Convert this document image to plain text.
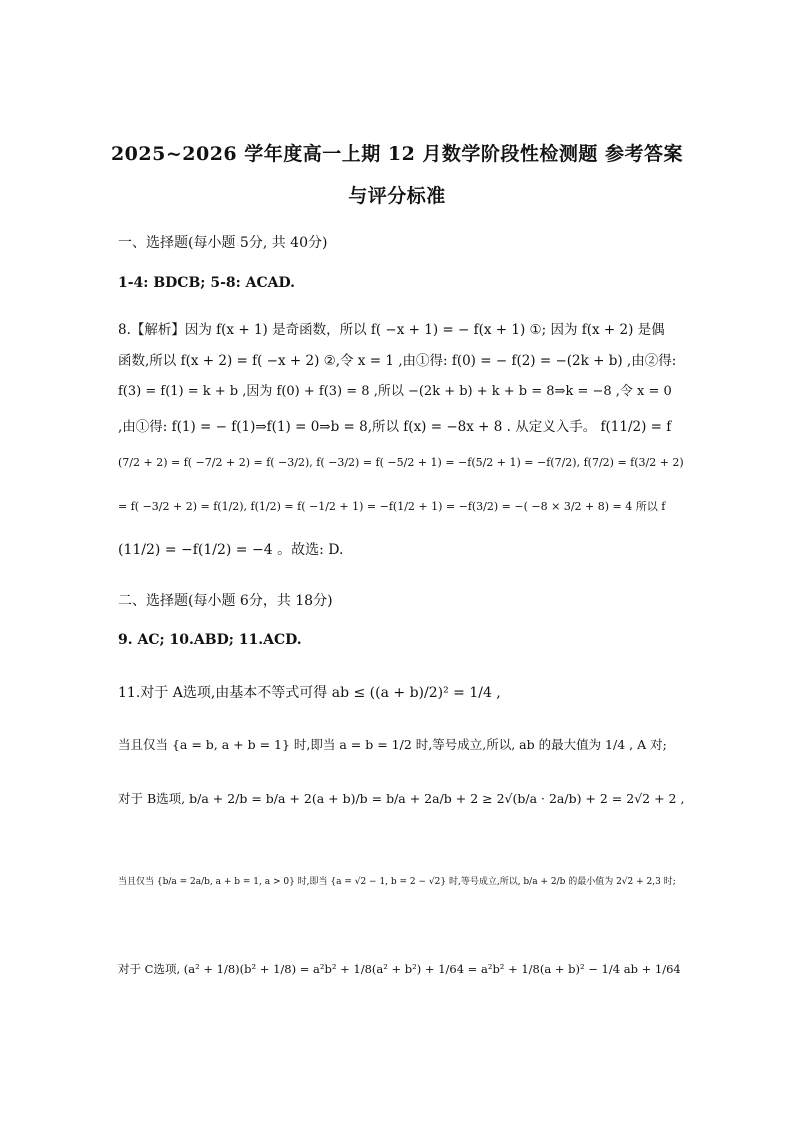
2025~2026 学年度高一上期 12 月数学阶段性检测题 参考答案
与评分标准
一、选择题(每小题 5分, 共 40分)
1-4: BDCB; 5-8: ACAD.
8.【解析】因为 f(x + 1) 是奇函数，所以 f( −x + 1) = − f(x + 1) ①; 因为 f(x + 2) 是偶
函数,所以 f(x + 2) = f( −x + 2) ②,令 x = 1 ,由①得: f(0) = − f(2) = −(2k + b) ,由②得:
f(3) = f(1) = k + b ,因为 f(0) + f(3) = 8 ,所以 −(2k + b) + k + b = 8⇒k = −8 ,令 x = 0
,由①得: f(1) = − f(1)⇒f(1) = 0⇒b = 8,所以 f(x) = −8x + 8 . 从定义入手。 f(11/2) = f
(7/2 + 2) = f( −7/2 + 2) = f( −3/2), f( −3/2) = f( −5/2 + 1) = −f(5/2 + 1) = −f(7/2), f(7/2) = f(3/2 + 2)
= f( −3/2 + 2) = f(1/2), f(1/2) = f( −1/2 + 1) = −f(1/2 + 1) = −f(3/2) = −( −8 × 3/2 + 8) = 4 所以 f
(11/2) = −f(1/2) = −4 。故选: D.
二、选择题(每小题 6分，共 18分)
9. AC; 10.ABD; 11.ACD.
11.对于 A选项,由基本不等式可得 ab ≤ ((a + b)/2)² = 1/4 ,
当且仅当 {a = b, a + b = 1} 时,即当 a = b = 1/2 时,等号成立,所以, ab 的最大值为 1/4 , A 对;
对于 B选项, b/a + 2/b = b/a + 2(a + b)/b = b/a + 2a/b + 2 ≥ 2√(b/a · 2a/b) + 2 = 2√2 + 2 ,
当且仅当 {b/a = 2a/b, a + b = 1, a > 0} 时,即当 {a = √2 − 1, b = 2 − √2} 时,等号成立,所以, b/a + 2/b 的最小值为 2√2 + 2,3 时;
对于 C选项, (a² + 1/8)(b² + 1/8) = a²b² + 1/8(a² + b²) + 1/64 = a²b² + 1/8(a + b)² − 1/4 ab + 1/64
